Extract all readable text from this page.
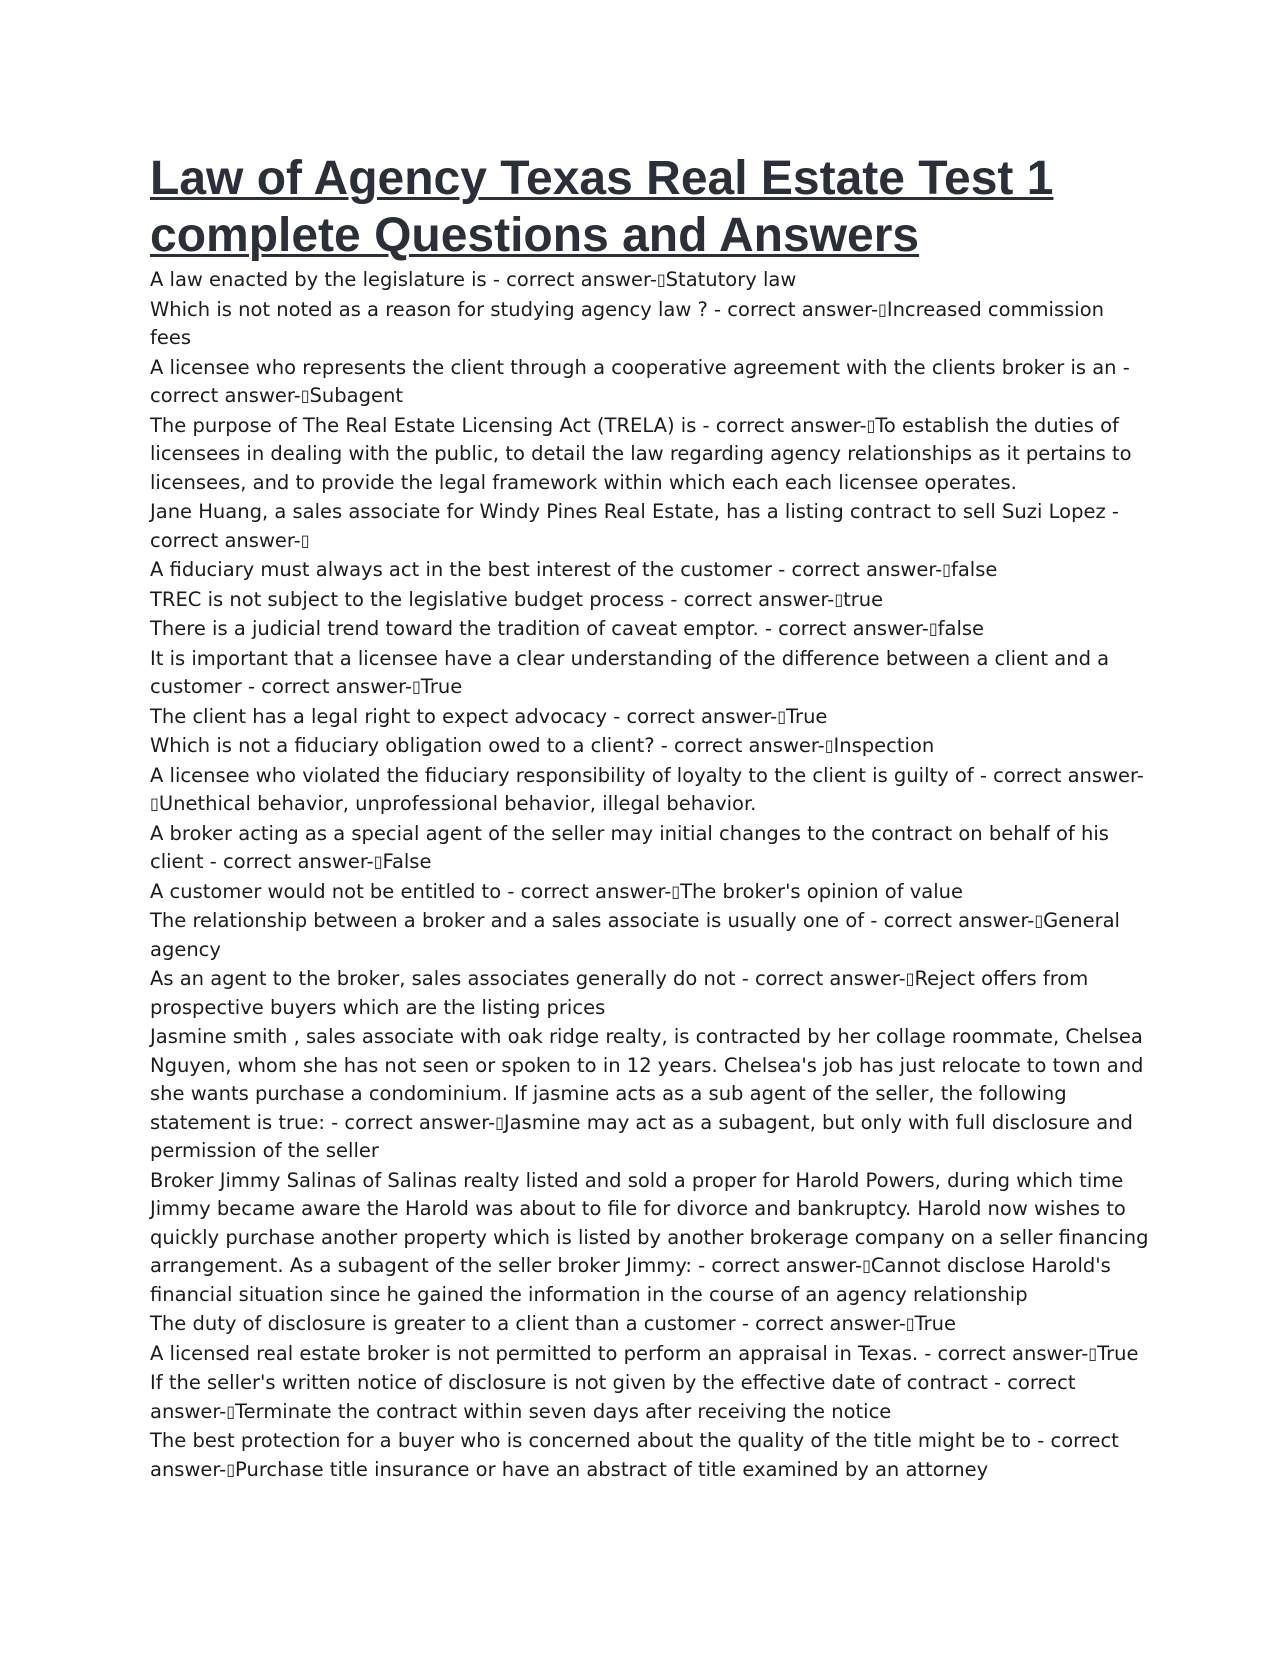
Law of Agency Texas Real Estate Test 1 complete Questions and Answers
A law enacted by the legislature is - correct answer-▯Statutory law
Which is not noted as a reason for studying agency law ? - correct answer-▯Increased commission fees
A licensee who represents the client through a cooperative agreement with the clients broker is an - correct answer-▯Subagent
The purpose of The Real Estate Licensing Act (TRELA) is - correct answer-▯To establish the duties of licensees in dealing with the public, to detail the law regarding agency relationships as it pertains to licensees, and to provide the legal framework within which each each licensee operates.
Jane Huang, a sales associate for Windy Pines Real Estate, has a listing contract to sell Suzi Lopez - correct answer-▯
A fiduciary must always act in the best interest of the customer - correct answer-▯false
TREC is not subject to the legislative budget process - correct answer-▯true
There is a judicial trend toward the tradition of caveat emptor. - correct answer-▯false
It is important that a licensee have a clear understanding of the difference between a client and a customer - correct answer-▯True
The client has a legal right to expect advocacy - correct answer-▯True
Which is not a fiduciary obligation owed to a client? - correct answer-▯Inspection
A licensee who violated the fiduciary responsibility of loyalty to the client is guilty of - correct answer-▯Unethical behavior, unprofessional behavior, illegal behavior.
A broker acting as a special agent of the seller may initial changes to the contract on behalf of his client - correct answer-▯False
A customer would not be entitled to - correct answer-▯The broker's opinion of value
The relationship between a broker and a sales associate is usually one of - correct answer-▯General agency
As an agent to the broker, sales associates generally do not - correct answer-▯Reject offers from prospective buyers which are the listing prices
Jasmine smith , sales associate with oak ridge realty, is contracted by her collage roommate, Chelsea Nguyen, whom she has not seen or spoken to in 12 years. Chelsea's job has just relocate to town and she wants purchase a condominium. If jasmine acts as a sub agent of the seller, the following statement is true: - correct answer-▯Jasmine may act as a subagent, but only with full disclosure and permission of the seller
Broker Jimmy Salinas of Salinas realty listed and sold a proper for Harold Powers, during which time Jimmy became aware the Harold was about to file for divorce and bankruptcy. Harold now wishes to quickly purchase another property which is listed by another brokerage company on a seller financing arrangement. As a subagent of the seller broker Jimmy: - correct answer-▯Cannot disclose Harold's financial situation since he gained the information in the course of an agency relationship
The duty of disclosure is greater to a client than a customer - correct answer-▯True
A licensed real estate broker is not permitted to perform an appraisal in Texas. - correct answer-▯True
If the seller's written notice of disclosure is not given by the effective date of contract - correct answer-▯Terminate the contract within seven days after receiving the notice
The best protection for a buyer who is concerned about the quality of the title might be to - correct answer-▯Purchase title insurance or have an abstract of title examined by an attorney
